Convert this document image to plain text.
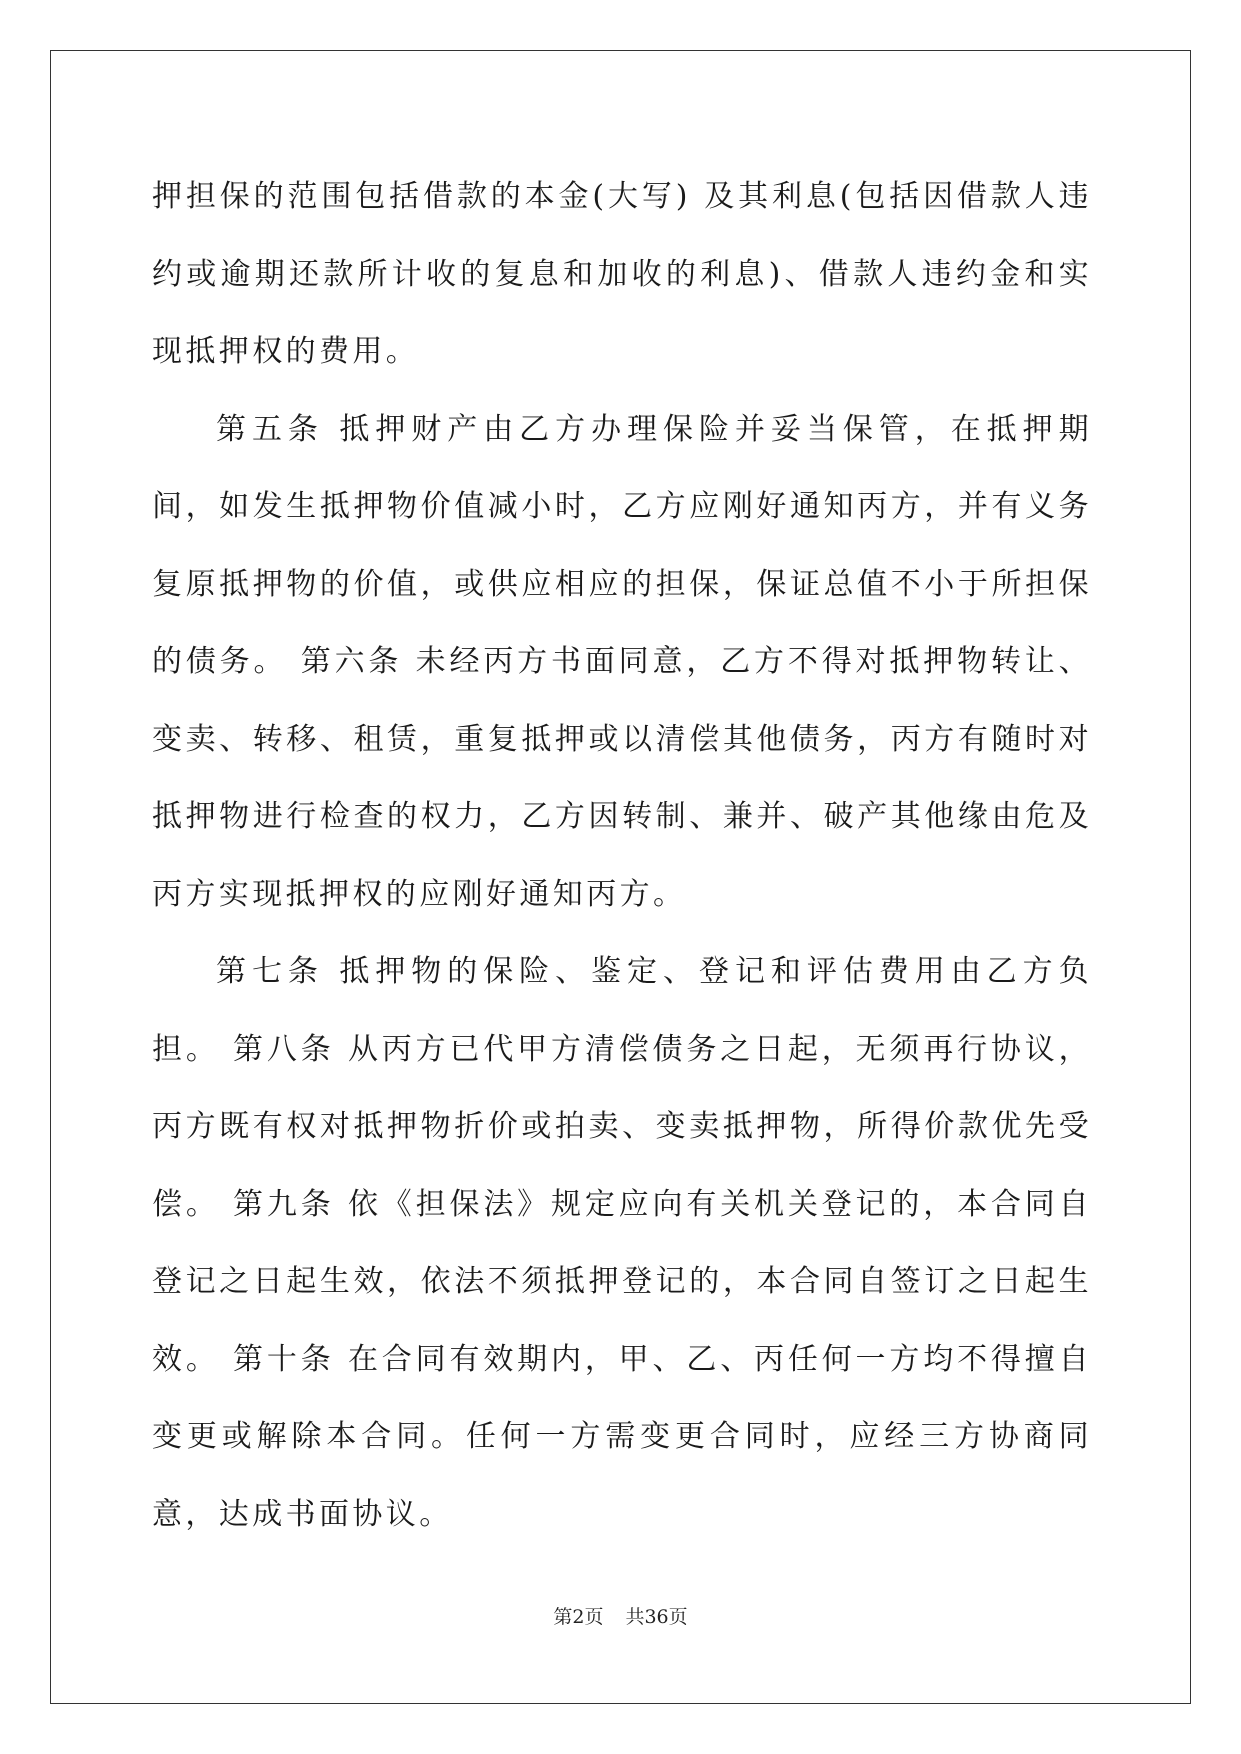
押担保的范围包括借款的本金(大写) 及其利息(包括因借款人违约或逾期还款所计收的复息和加收的利息)、借款人违约金和实现抵押权的费用。

第五条 抵押财产由乙方办理保险并妥当保管，在抵押期间，如发生抵押物价值减小时，乙方应刚好通知丙方，并有义务复原抵押物的价值，或供应相应的担保，保证总值不小于所担保的债务。 第六条 未经丙方书面同意，乙方不得对抵押物转让、变卖、转移、租赁，重复抵押或以清偿其他债务，丙方有随时对抵押物进行检查的权力，乙方因转制、兼并、破产其他缘由危及丙方实现抵押权的应刚好通知丙方。

第七条 抵押物的保险、鉴定、登记和评估费用由乙方负担。 第八条 从丙方已代甲方清偿债务之日起，无须再行协议，丙方既有权对抵押物折价或拍卖、变卖抵押物，所得价款优先受偿。 第九条 依《担保法》规定应向有关机关登记的，本合同自登记之日起生效，依法不须抵押登记的，本合同自签订之日起生效。 第十条 在合同有效期内，甲、乙、丙任何一方均不得擅自变更或解除本合同。任何一方需变更合同时，应经三方协商同意，达成书面协议。

第2页 共36页
